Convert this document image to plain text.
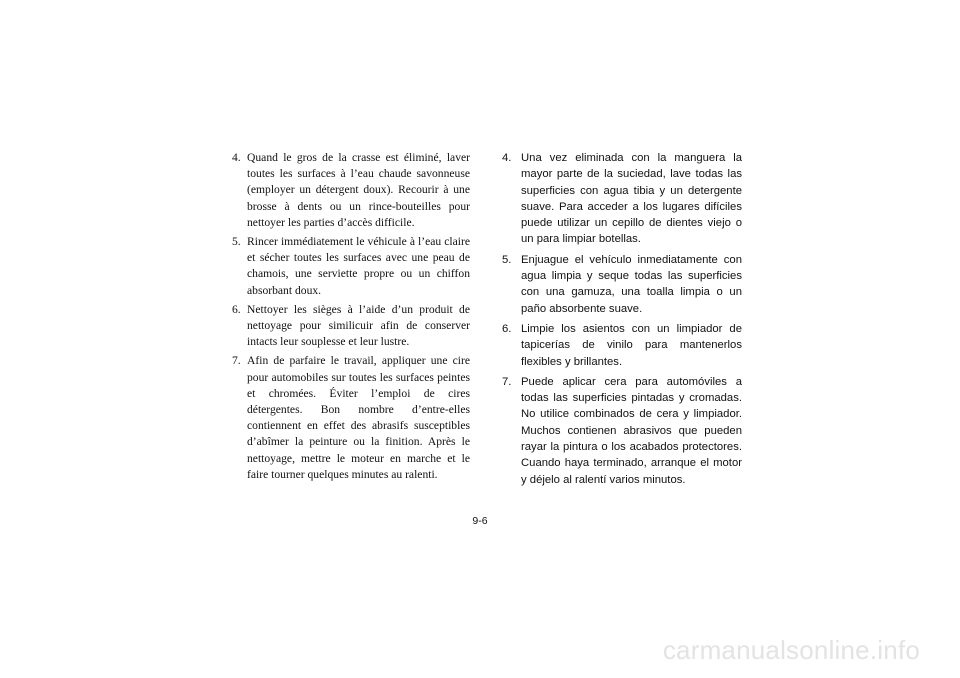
4. Quand le gros de la crasse est éliminé, laver toutes les surfaces à l’eau chaude savonneuse (employer un détergent doux). Recourir à une brosse à dents ou un rince-bouteilles pour nettoyer les parties d’accès difficile.
5. Rincer immédiatement le véhicule à l’eau claire et sécher toutes les surfaces avec une peau de chamois, une serviette propre ou un chiffon absorbant doux.
6. Nettoyer les sièges à l’aide d’un produit de nettoyage pour similicuir afin de conserver intacts leur souplesse et leur lustre.
7. Afin de parfaire le travail, appliquer une cire pour automobiles sur toutes les surfaces peintes et chromées. Éviter l’emploi de cires détergentes. Bon nombre d’entre-elles contiennent en effet des abrasifs susceptibles d’abîmer la peinture ou la finition. Après le nettoyage, mettre le moteur en marche et le faire tourner quelques minutes au ralenti.
4. Una vez eliminada con la manguera la mayor parte de la suciedad, lave todas las superficies con agua tibia y un detergente suave. Para acceder a los lugares difíciles puede utilizar un cepillo de dientes viejo o un para limpiar botellas.
5. Enjuague el vehículo inmediatamente con agua limpia y seque todas las superficies con una gamuza, una toalla limpia o un paño absorbente suave.
6. Limpie los asientos con un limpiador de tapicerías de vinilo para mantenerlos flexibles y brillantes.
7. Puede aplicar cera para automóviles a todas las superficies pintadas y cromadas. No utilice combinados de cera y limpiador. Muchos contienen abrasivos que pueden rayar la pintura o los acabados protectores. Cuando haya terminado, arranque el motor y déjelo al ralentí varios minutos.
9-6
carmanualsonline.info
